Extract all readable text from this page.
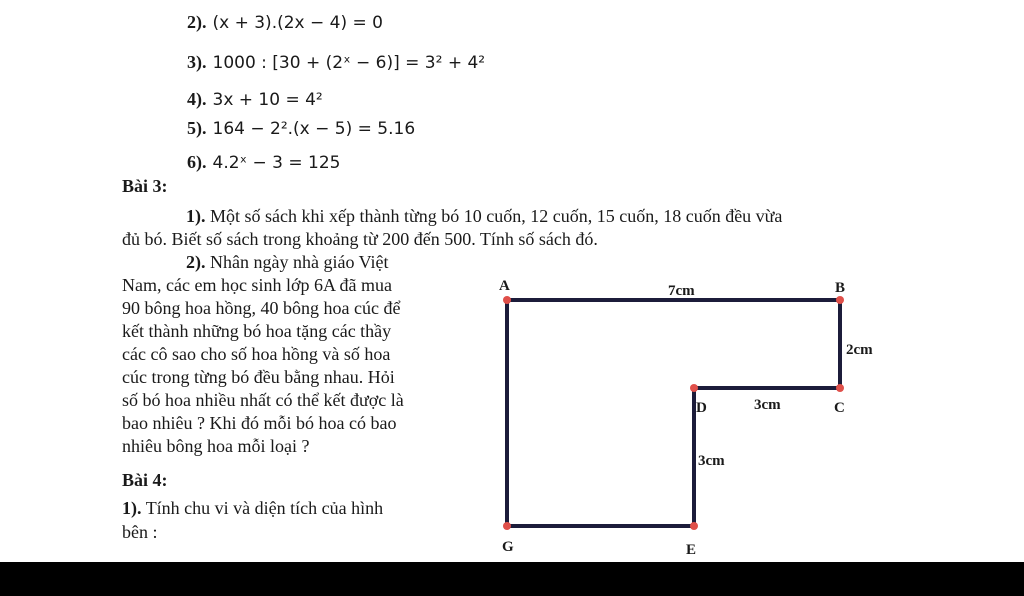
2). (x + 3).(2x − 4) = 0
3). 1000 : [30 + (2ˣ − 6)] = 3² + 4²
4). 3x + 10 = 4²
5). 164 − 2².(x − 5) = 5.16
6). 4.2ˣ − 3 = 125
Bài 3:
1). Một số sách khi xếp thành từng bó 10 cuốn, 12 cuốn, 15 cuốn, 18 cuốn đều vừa
đủ bó. Biết số sách trong khoảng từ 200 đến 500. Tính số sách đó.
2). Nhân ngày nhà giáo Việt
Nam, các em học sinh lớp 6A đã mua
90 bông hoa hồng, 40 bông hoa cúc để
kết thành những bó hoa tặng các thầy
các cô sao cho số hoa hồng và số hoa
cúc trong từng bó đều bằng nhau. Hỏi
số bó hoa nhiều nhất có thể kết được là
bao nhiêu ? Khi đó mỗi bó hoa có bao
nhiêu bông hoa mỗi loại ?
Bài 4:
1). Tính chu vi và diện tích của hình
bên :
A	B
C
D
E
G
7cm
2cm
3cm
3cm
